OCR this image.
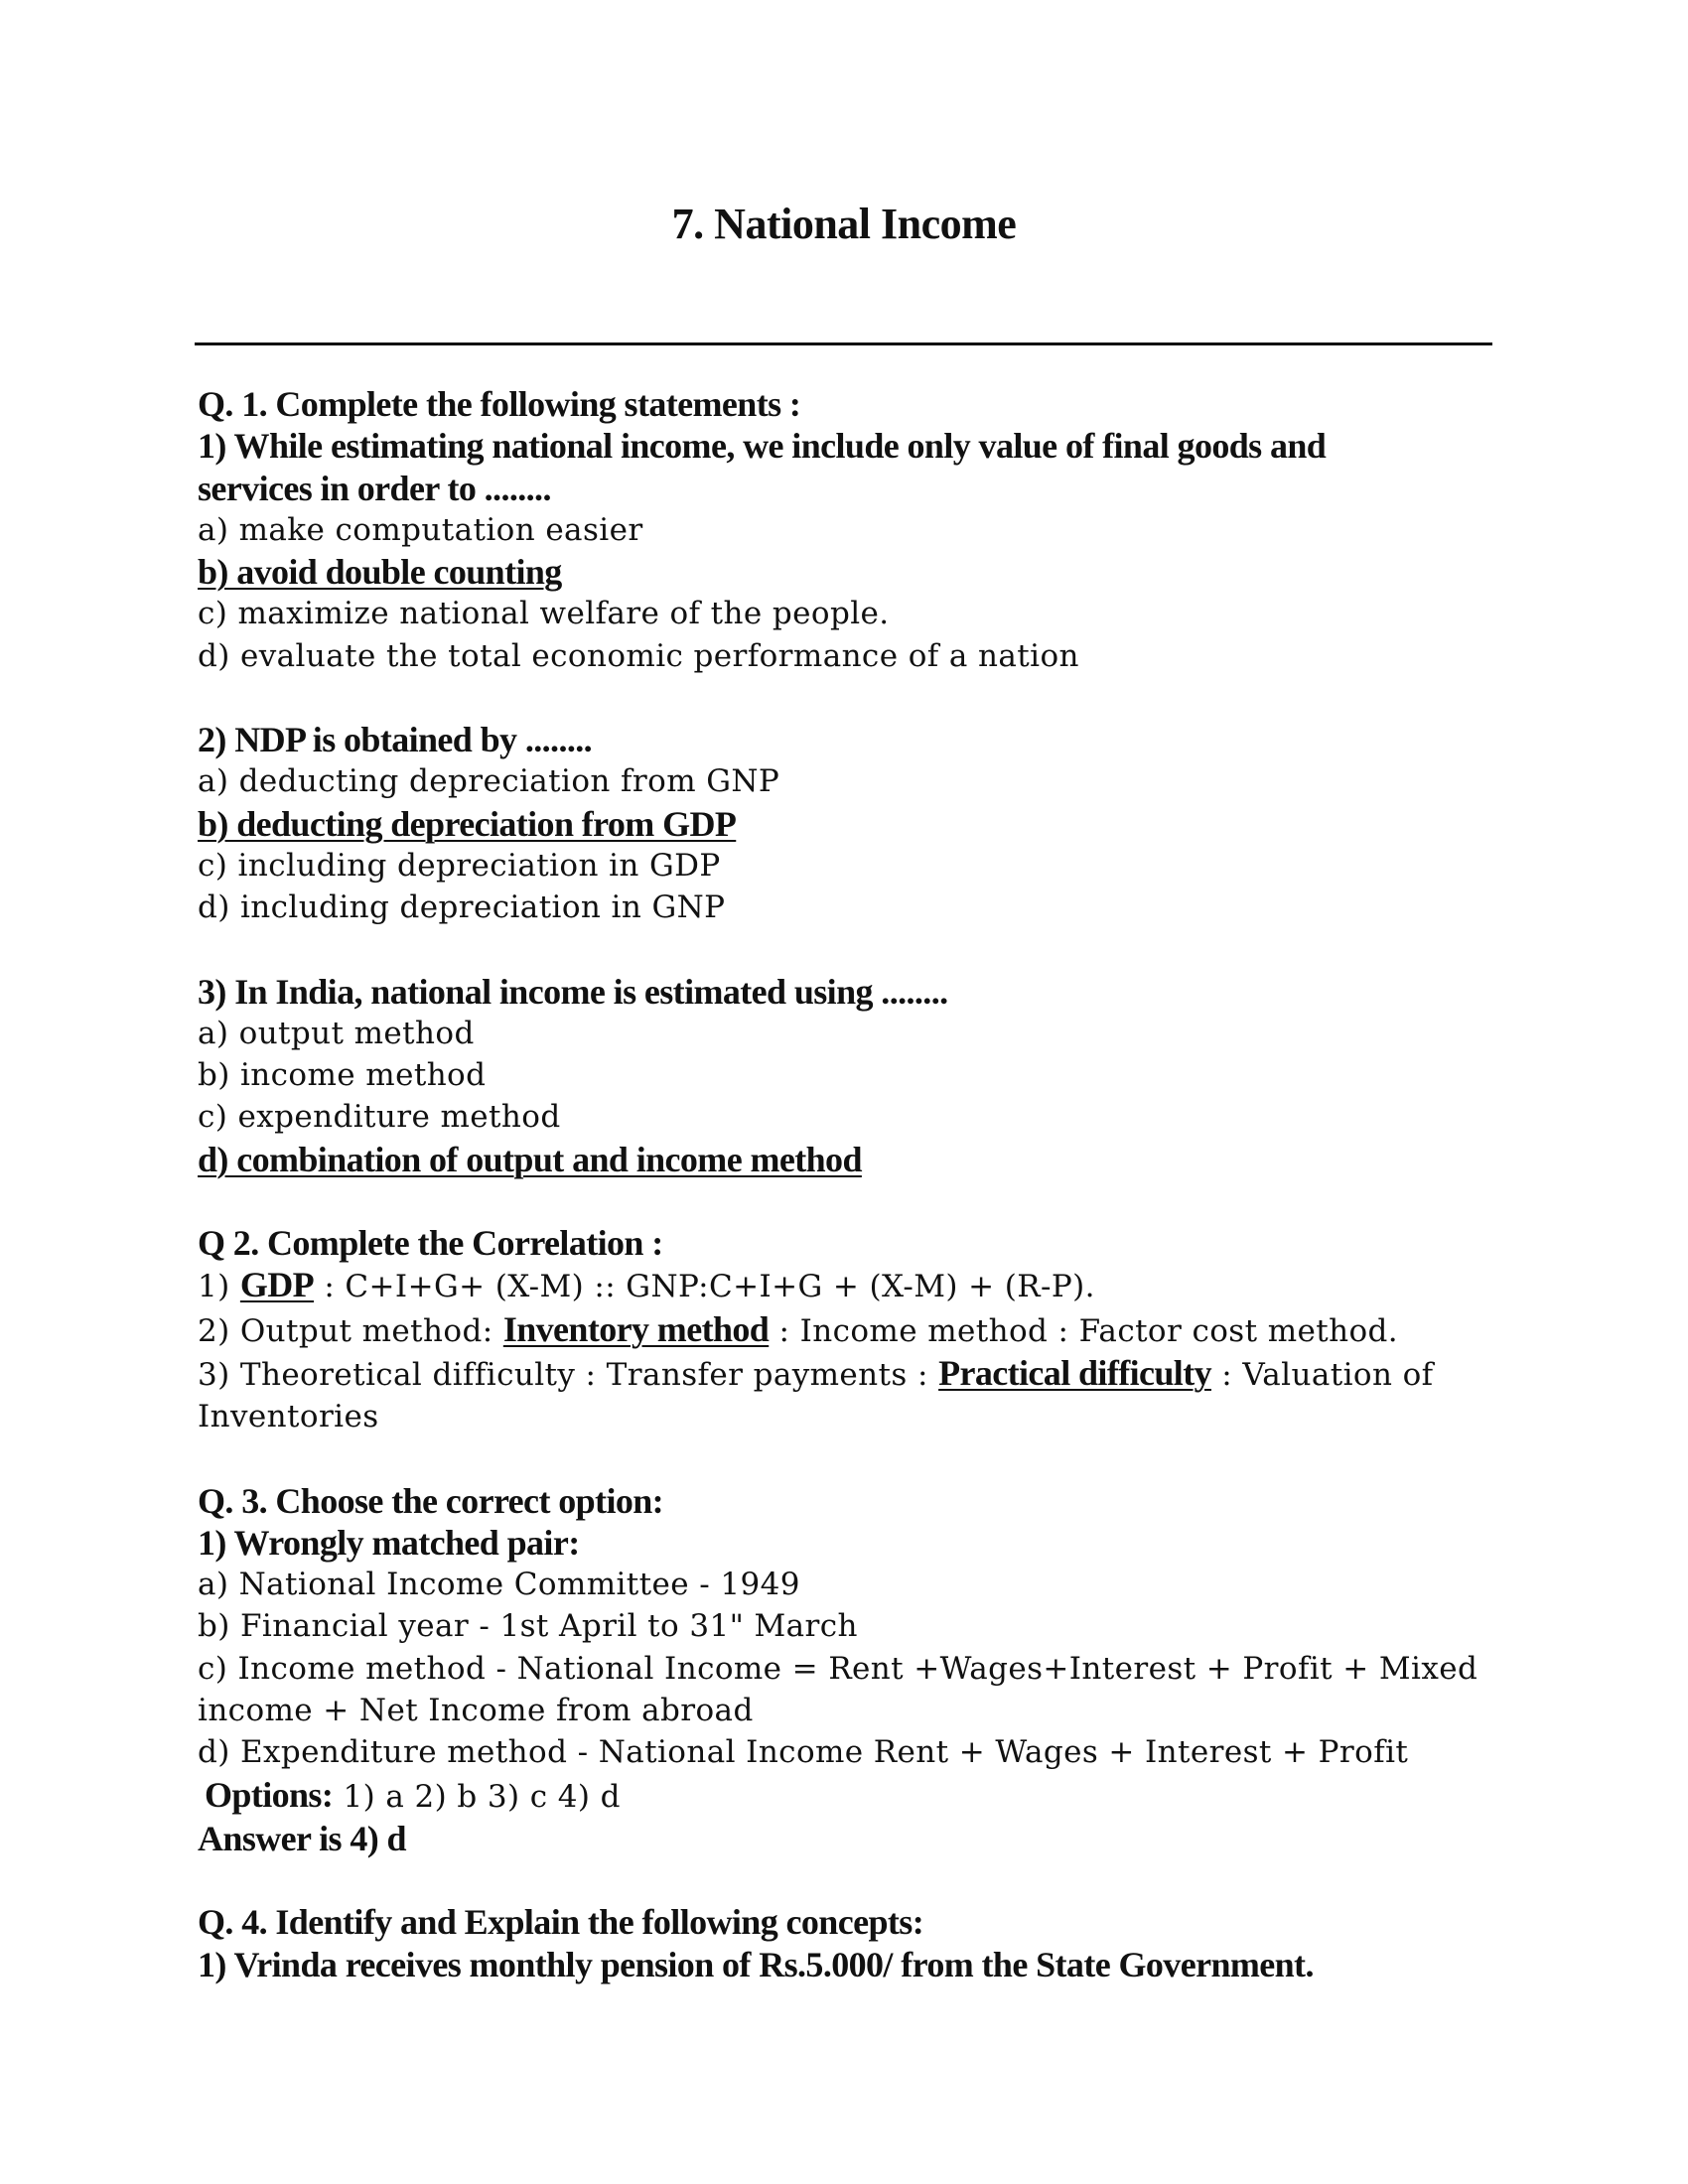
7. National Income
Q. 1. Complete the following statements :
1) While estimating national income, we include only value of final goods and
services in order to ........
a) make computation easier
b) avoid double counting
c) maximize national welfare of the people.
d) evaluate the total economic performance of a nation
2) NDP is obtained by ........
a) deducting depreciation from GNP
b) deducting depreciation from GDP
c) including depreciation in GDP
d) including depreciation in GNP
3) In India, national income is estimated using ........
a) output method
b) income method
c) expenditure method
d) combination of output and income method
Q 2. Complete the Correlation :
1) GDP : C+I+G+ (X-M) :: GNP:C+I+G + (X-M) + (R-P).
2) Output method: Inventory method : Income method : Factor cost method.
3) Theoretical difficulty : Transfer payments : Practical difficulty : Valuation of
Inventories
Q. 3. Choose the correct option:
1) Wrongly matched pair:
a) National Income Committee - 1949
b) Financial year - 1st April to 31" March
c) Income method - National Income = Rent +Wages+Interest + Profit + Mixed
income + Net Income from abroad
d) Expenditure method - National Income Rent + Wages + Interest + Profit
Options: 1) a 2) b 3) c 4) d
Answer is 4) d
Q. 4. Identify and Explain the following concepts:
1) Vrinda receives monthly pension of Rs.5.000/ from the State Government.
